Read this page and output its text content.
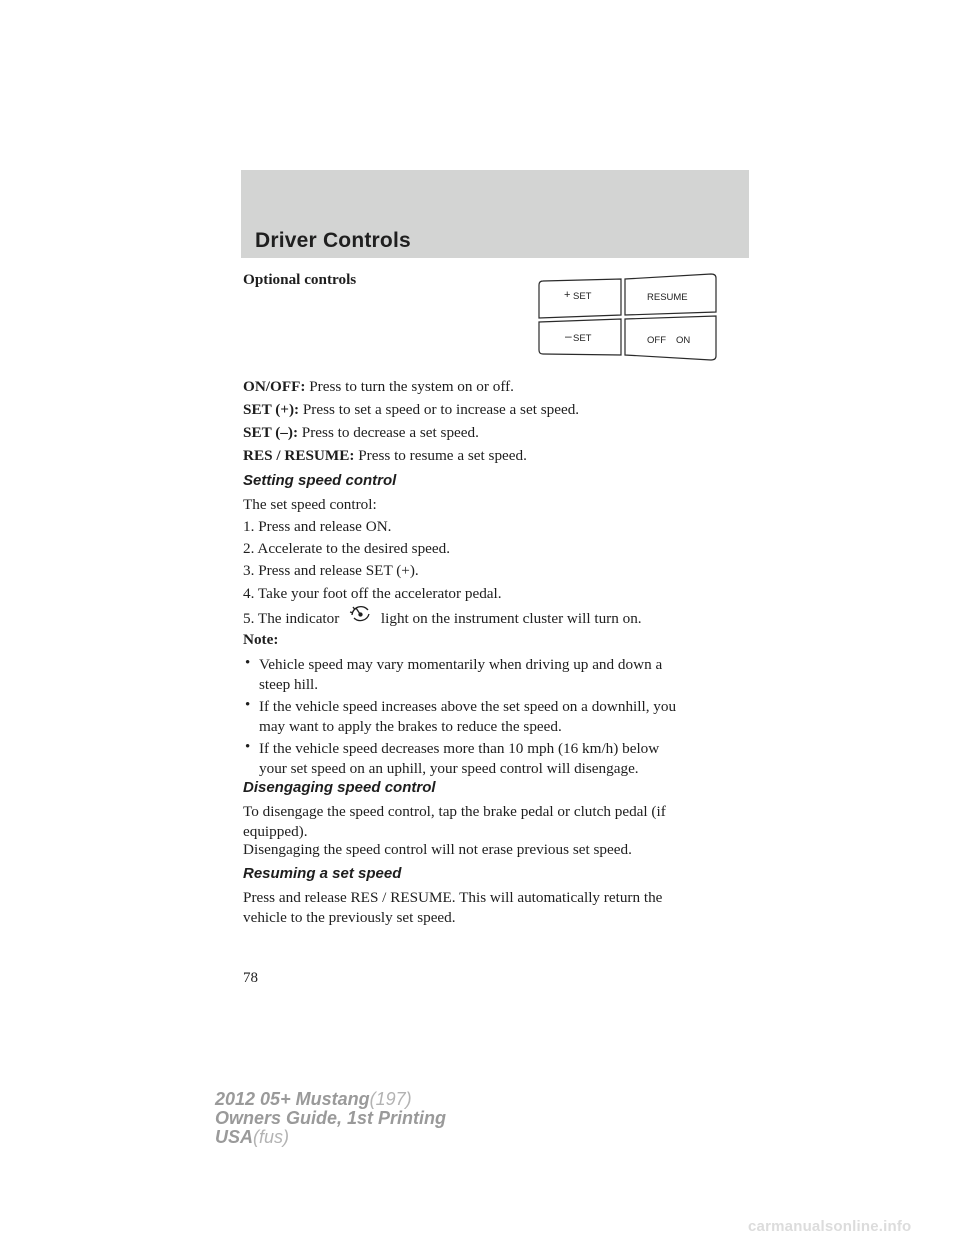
Driver Controls
Optional controls
+ SET
– SET
RESUME
OFF ON
ON/OFF: Press to turn the system on or off.
SET (+): Press to set a speed or to increase a set speed.
SET (–): Press to decrease a set speed.
RES / RESUME: Press to resume a set speed.
Setting speed control
The set speed control:
1. Press and release ON.
2. Accelerate to the desired speed.
3. Press and release SET (+).
4. Take your foot off the accelerator pedal.
5. The indicator	light on the instrument cluster will turn on.
Note:
• Vehicle speed may vary momentarily when driving up and down a
steep hill.
• If the vehicle speed increases above the set speed on a downhill, you
may want to apply the brakes to reduce the speed.
• If the vehicle speed decreases more than 10 mph (16 km/h) below
your set speed on an uphill, your speed control will disengage.
Disengaging speed control
To disengage the speed control, tap the brake pedal or clutch pedal (if
equipped).
Disengaging the speed control will not erase previous set speed.
Resuming a set speed
Press and release RES / RESUME. This will automatically return the
vehicle to the previously set speed.
78
2012 05+ Mustang(197)
Owners Guide, 1st Printing
USA(fus)
carmanualsonline.info
